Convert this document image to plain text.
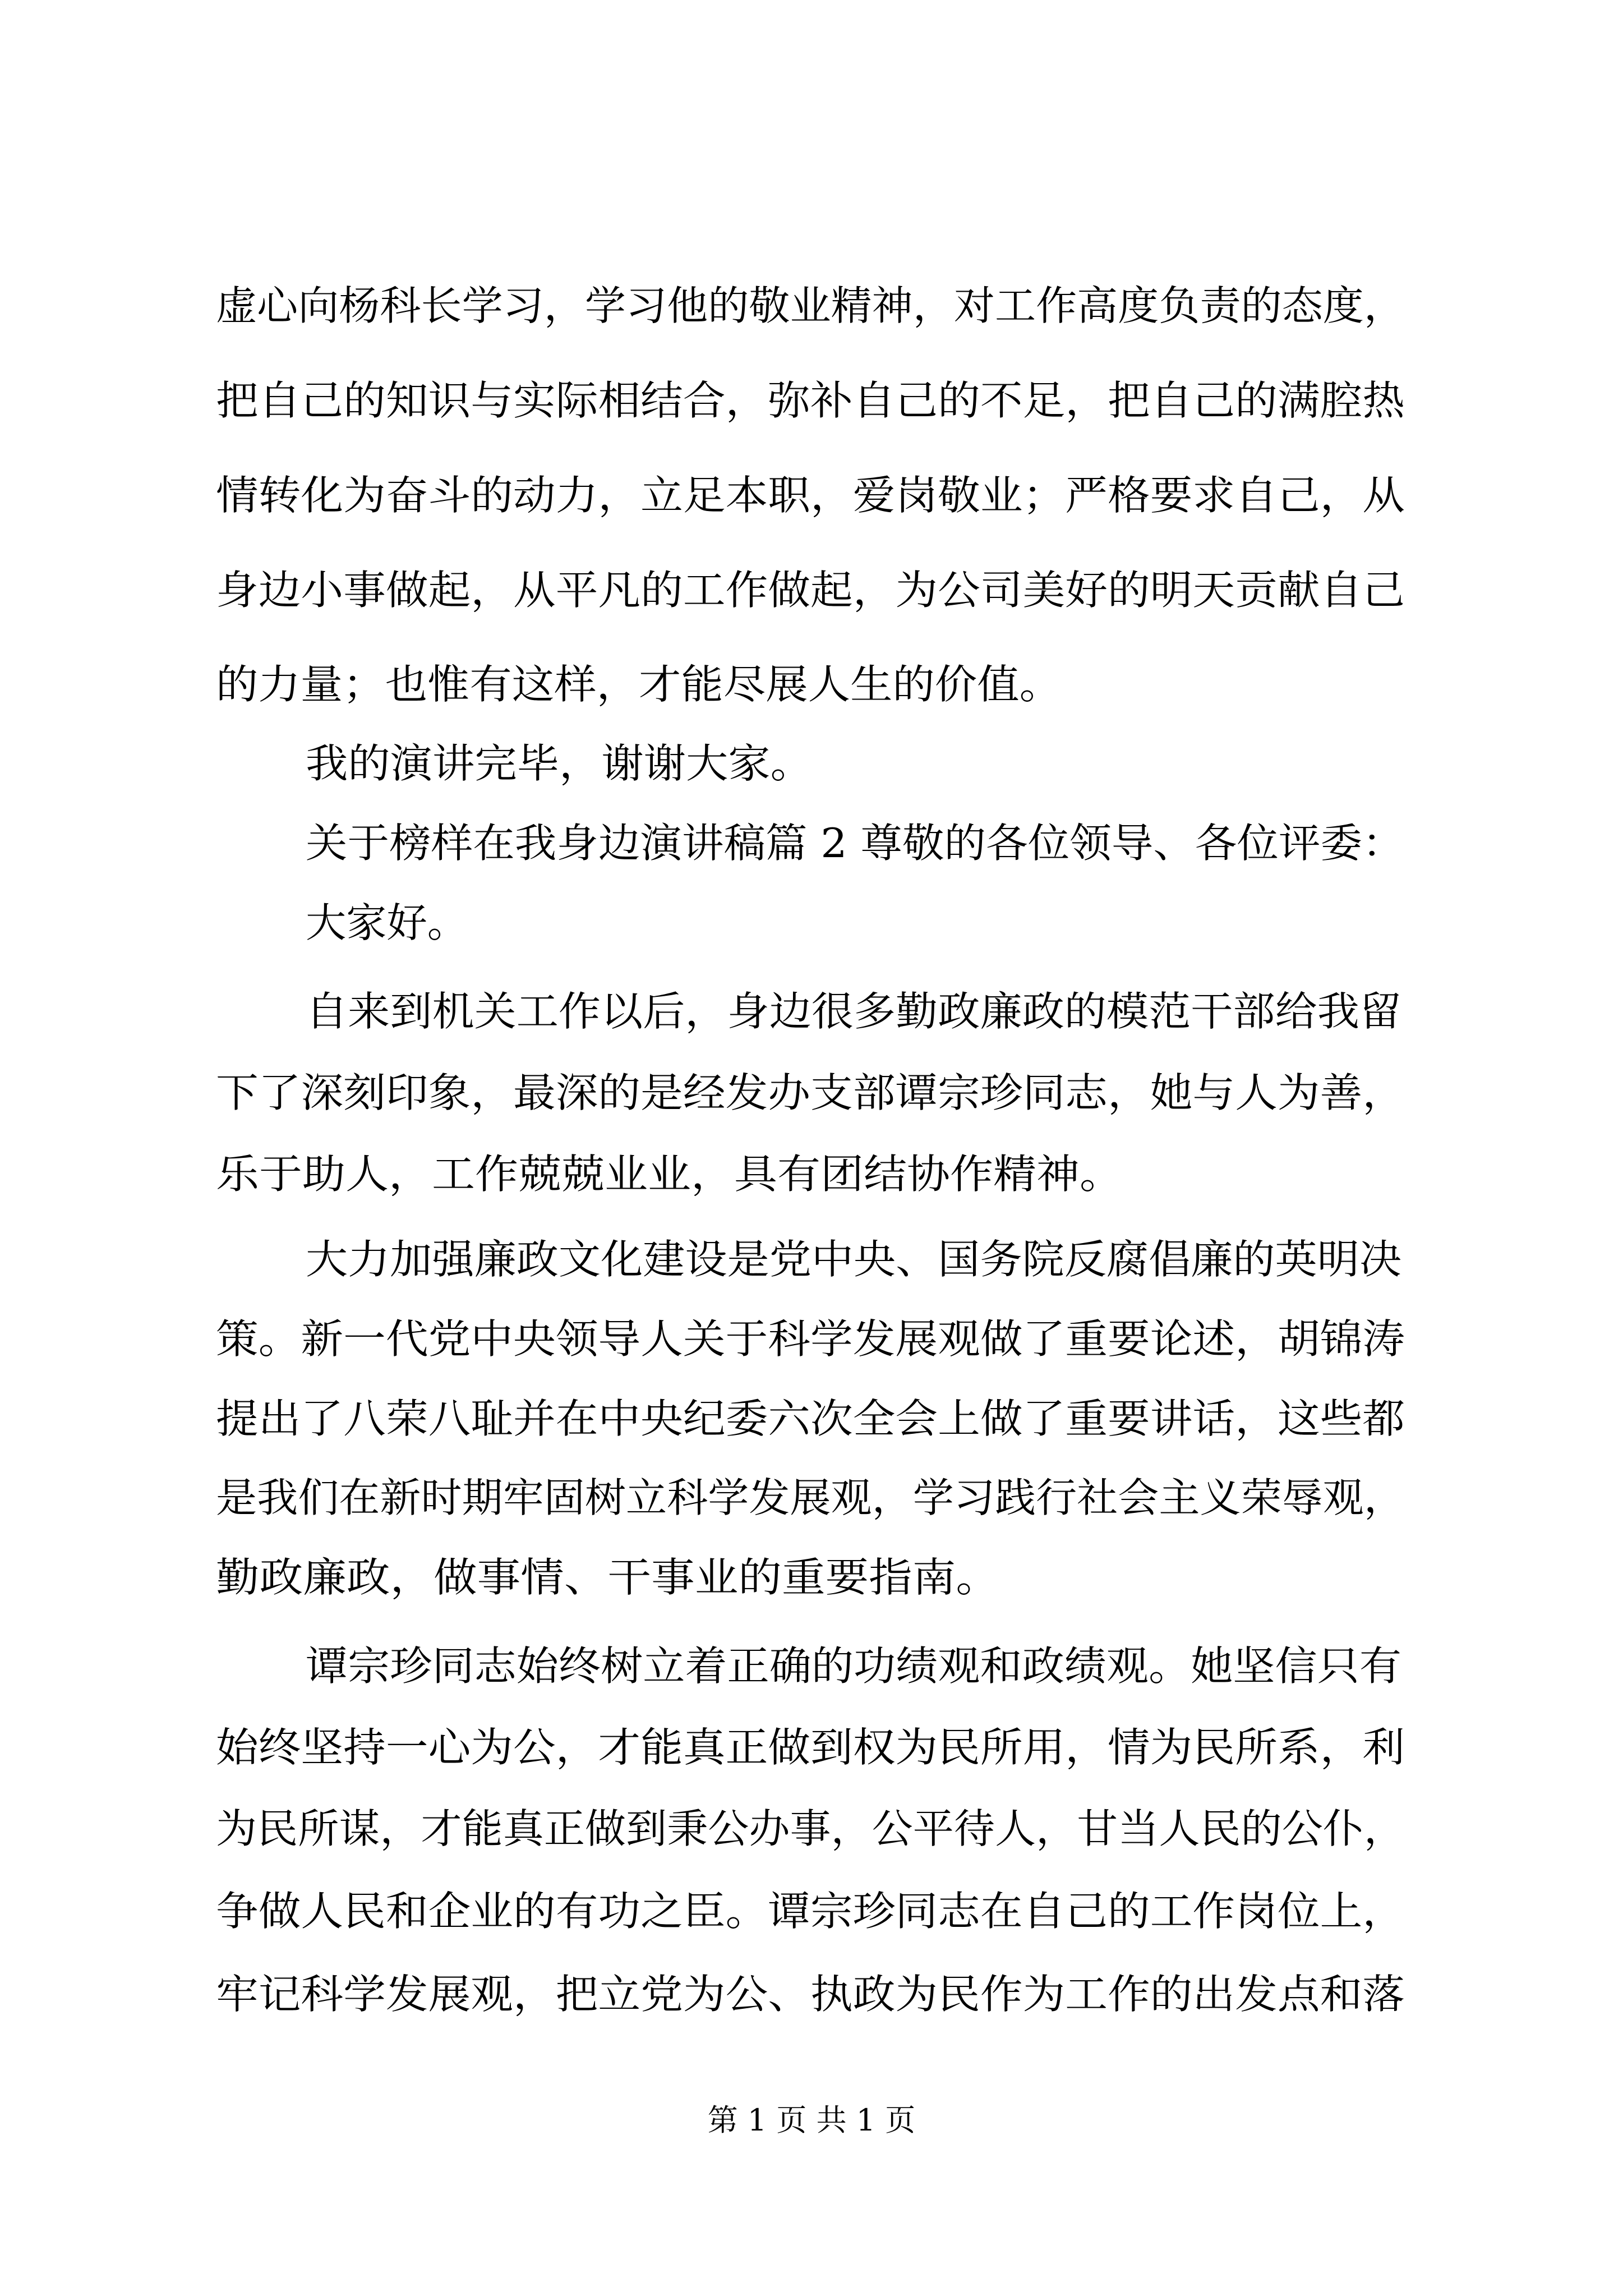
虚心向杨科长学习，学习他的敬业精神，对工作高度负责的态度，
把自己的知识与实际相结合，弥补自己的不足，把自己的满腔热
情转化为奋斗的动力，立足本职，爱岗敬业；严格要求自己，从
身边小事做起，从平凡的工作做起，为公司美好的明天贡献自己
的力量；也惟有这样，才能尽展人生的价值。
我的演讲完毕，谢谢大家。
关于榜样在我身边演讲稿篇 2 尊敬的各位领导、各位评委：
大家好。
自来到机关工作以后，身边很多勤政廉政的模范干部给我留
下了深刻印象，最深的是经发办支部谭宗珍同志，她与人为善，
乐于助人，工作兢兢业业，具有团结协作精神。
大力加强廉政文化建设是党中央、国务院反腐倡廉的英明决
策。新一代党中央领导人关于科学发展观做了重要论述，胡锦涛
提出了八荣八耻并在中央纪委六次全会上做了重要讲话，这些都
是我们在新时期牢固树立科学发展观，学习践行社会主义荣辱观，
勤政廉政，做事情、干事业的重要指南。
谭宗珍同志始终树立着正确的功绩观和政绩观。她坚信只有
始终坚持一心为公，才能真正做到权为民所用，情为民所系，利
为民所谋，才能真正做到秉公办事，公平待人，甘当人民的公仆，
争做人民和企业的有功之臣。谭宗珍同志在自己的工作岗位上，
牢记科学发展观，把立党为公、执政为民作为工作的出发点和落
第 1 页 共 1 页
